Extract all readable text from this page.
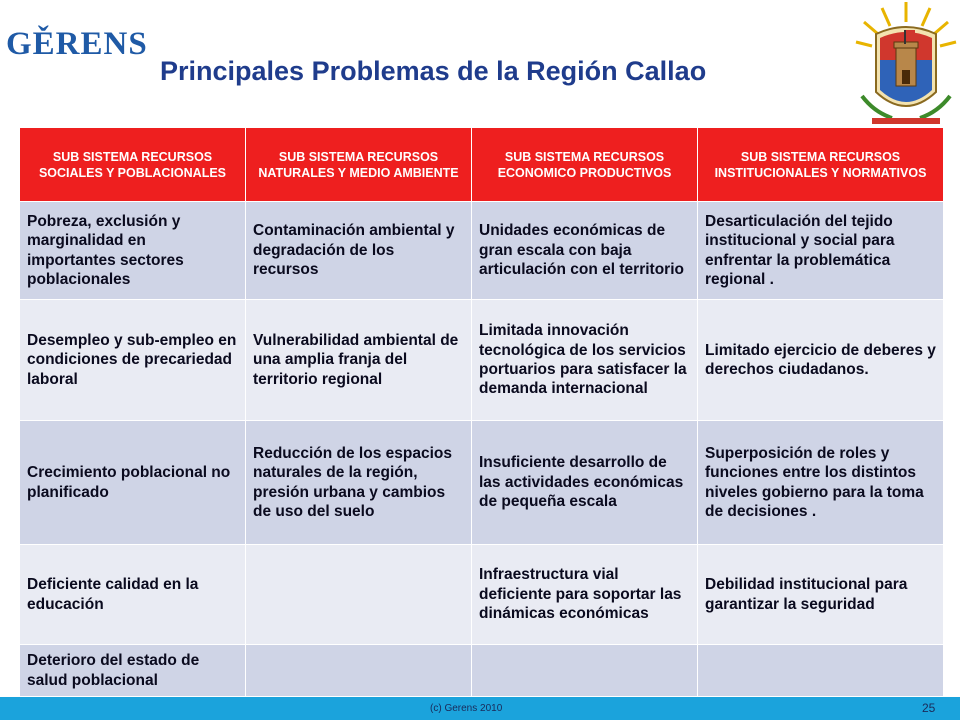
GĚRENS
Principales Problemas de la Región Callao
SUB SISTEMA RECURSOS SOCIALES Y POBLACIONALES	SUB SISTEMA RECURSOS NATURALES Y MEDIO AMBIENTE	SUB SISTEMA RECURSOS ECONOMICO PRODUCTIVOS	SUB SISTEMA RECURSOS INSTITUCIONALES Y NORMATIVOS
Pobreza, exclusión y marginalidad en importantes sectores poblacionales	Contaminación ambiental y degradación de los recursos	Unidades económicas de gran escala con baja articulación con el territorio	Desarticulación del tejido institucional y social para enfrentar la problemática regional .
Desempleo y sub-empleo en condiciones de precariedad laboral	Vulnerabilidad ambiental de una amplia franja del territorio regional	Limitada innovación tecnológica de los servicios portuarios para satisfacer la demanda internacional	Limitado ejercicio de deberes y derechos ciudadanos.
Crecimiento poblacional no planificado	Reducción de los espacios naturales de la región, presión urbana y cambios de uso del suelo	Insuficiente desarrollo de las actividades económicas de pequeña escala	Superposición de roles y funciones entre los distintos niveles gobierno para la toma de decisiones .
Deficiente calidad en la educación		Infraestructura vial deficiente para soportar las dinámicas económicas	Debilidad institucional para garantizar la seguridad
Deterioro del estado de salud poblacional			
(c) Gerens 2010	25
